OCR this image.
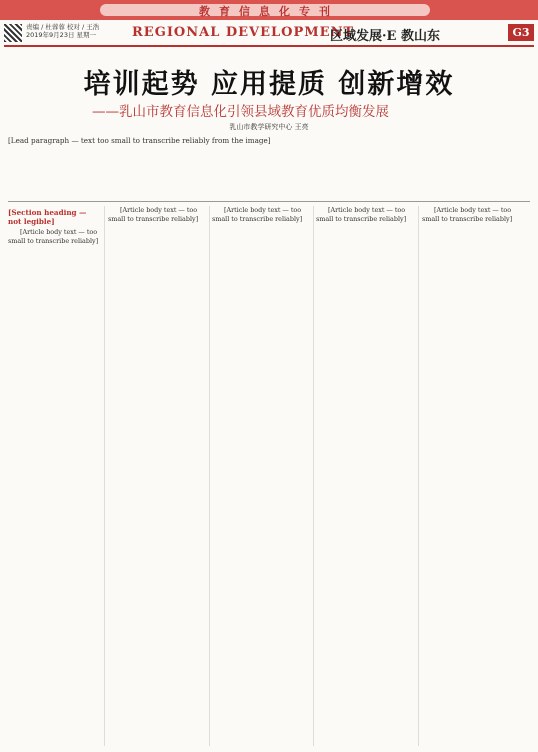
教育信息化专刊
责编 / 杜蓉蓉 校对 / 王浩
2019年9月23日 星期一	REGIONAL DEVELOPMENT
区域发展·E 教山东	G3
培训起势 应用提质 创新增效
——乳山市教育信息化引领县域教育优质均衡发展
乳山市教学研究中心 王亮
[Lead paragraph — text too small to transcribe reliably from the image]
[Section heading — not legible]

[Article body text — too small to transcribe reliably]

[Article body text — too small to transcribe reliably]

[Article body text — too small to transcribe reliably]

[Article body text — too small to transcribe reliably]

[Article body text — too small to transcribe reliably]
